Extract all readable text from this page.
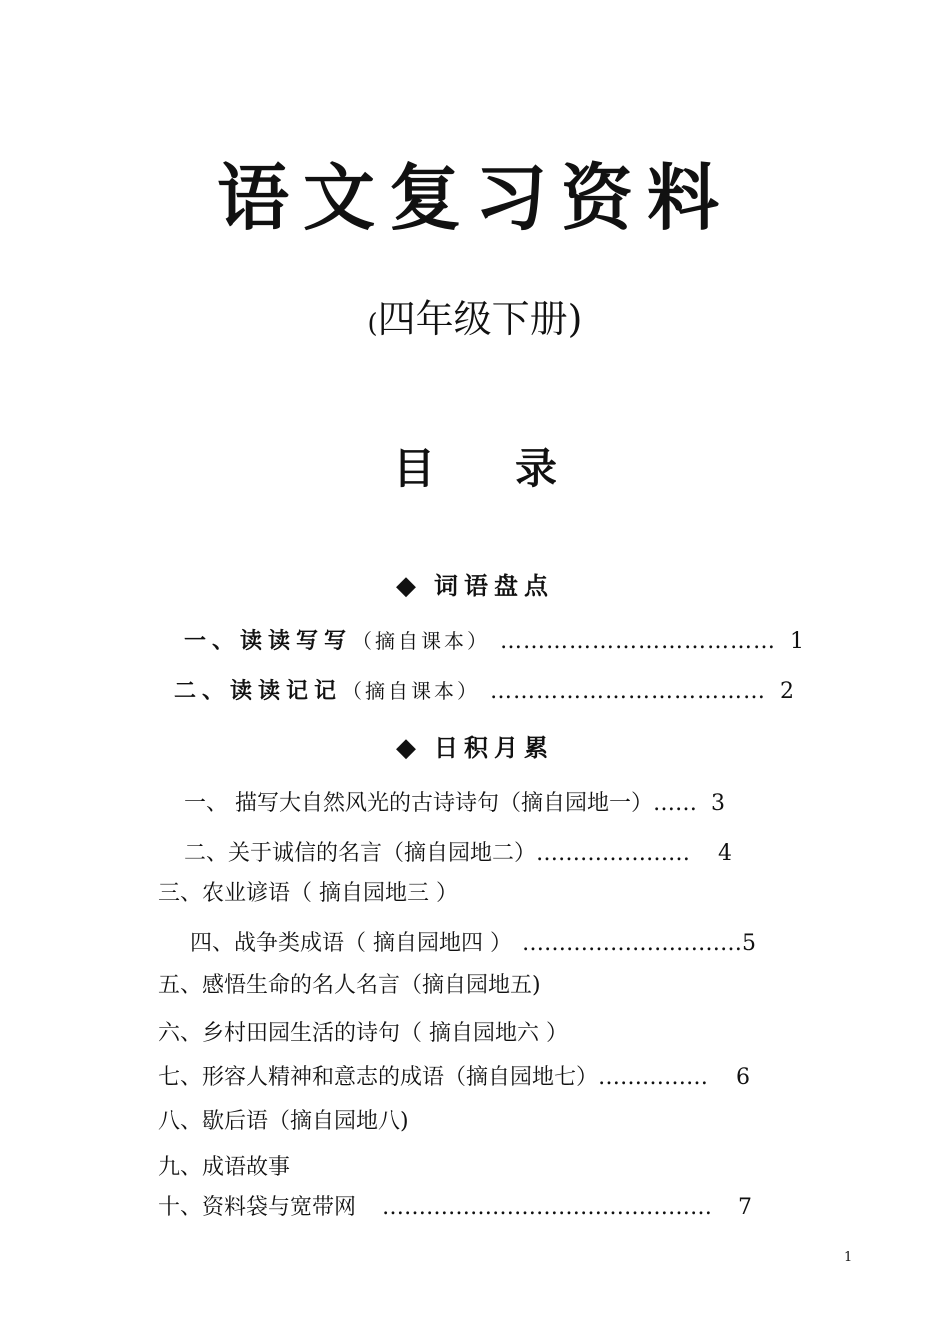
语文复习资料
(四年级下册)
目 录
◆ 词语盘点
一、读读写写（摘自课本） ……………………………… 1
二、读读记记（摘自课本） ……………………………… 2
◆ 日积月累
一、 描写大自然风光的古诗诗句（摘自园地一）…… 3
二、关于诚信的名言（摘自园地二）………………… 4
三、农业谚语（ 摘自园地三 ）
四、战争类成语（ 摘自园地四 ） …………………………5
五、感悟生命的名人名言（摘自园地五)
六、乡村田园生活的诗句（ 摘自园地六 ）
七、形容人精神和意志的成语（摘自园地七）…………… 6
八、歇后语（摘自园地八)
九、成语故事
十、资料袋与宽带网 ……………………………………… 7
1
